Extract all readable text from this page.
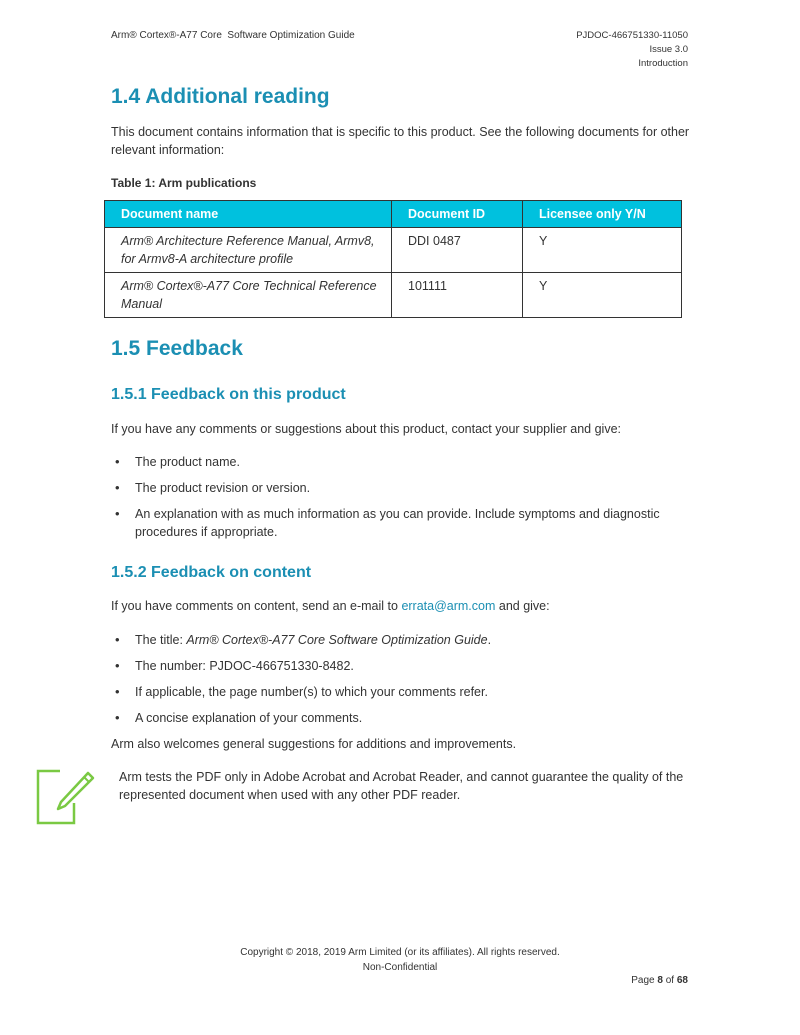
Arm® Cortex®-A77 Core  Software Optimization Guide	PJDOC-466751330-11050
Issue 3.0
Introduction
1.4 Additional reading

This document contains information that is specific to this product. See the following documents for other relevant information:

Table 1: Arm publications
Document name	Document ID	Licensee only Y/N
Arm® Architecture Reference Manual, Armv8, for Armv8-A architecture profile	DDI 0487	Y
Arm® Cortex®-A77 Core Technical Reference Manual	101111	Y
1.5 Feedback
1.5.1 Feedback on this product

If you have any comments or suggestions about this product, contact your supplier and give:

• The product name.
• The product revision or version.
• An explanation with as much information as you can provide. Include symptoms and diagnostic procedures if appropriate.
1.5.2 Feedback on content

If you have comments on content, send an e-mail to errata@arm.com and give:

• The title: Arm® Cortex®-A77 Core Software Optimization Guide.
• The number: PJDOC-466751330-8482.
• If applicable, the page number(s) to which your comments refer.
• A concise explanation of your comments.

Arm also welcomes general suggestions for additions and improvements.

Arm tests the PDF only in Adobe Acrobat and Acrobat Reader, and cannot guarantee the quality of the represented document when used with any other PDF reader.
Copyright © 2018, 2019 Arm Limited (or its affiliates). All rights reserved.
Non-Confidential
Page 8 of 68
